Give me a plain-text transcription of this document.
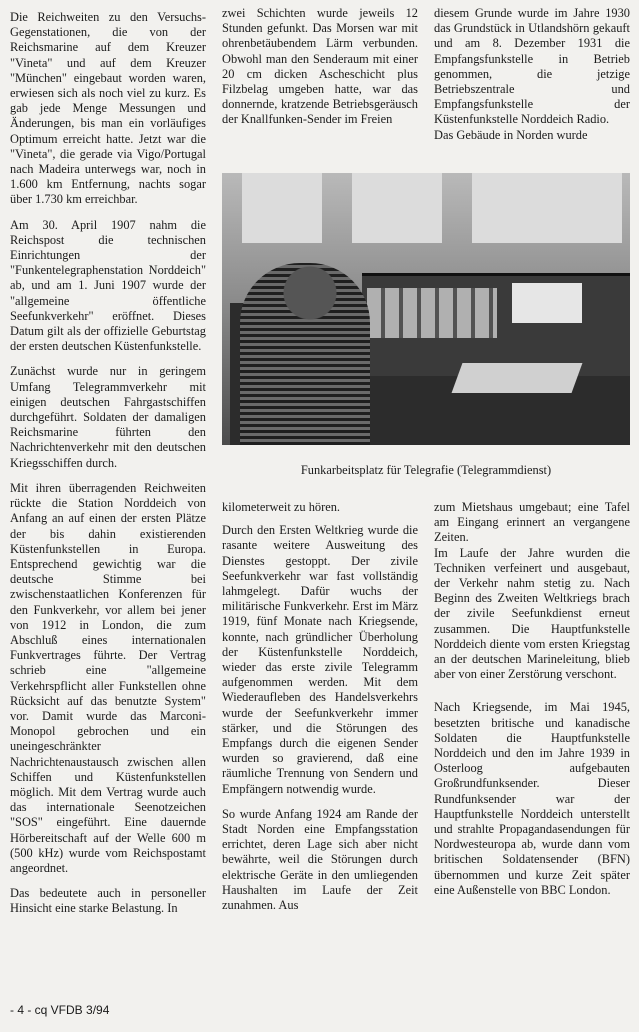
Die Reichweiten zu den Versuchs-Gegenstationen, die von der Reichsmarine auf dem Kreuzer "Vineta" und auf dem Kreuzer "München" eingebaut worden waren, erwiesen sich als noch viel zu kurz. Es gab jede Menge Messungen und Änderungen, bis man ein vorläufiges Optimum erreicht hatte. Jetzt war die "Vineta", die gerade via Vigo/Portugal nach Madeira unterwegs war, noch in 1.600 km Entfernung, nachts sogar über 1.730 km erreichbar.

Am 30. April 1907 nahm die Reichspost die technischen Einrichtungen der "Funkentelegraphenstation Norddeich" ab, und am 1. Juni 1907 wurde der "allgemeine öffentliche Seefunkverkehr" eröffnet. Dieses Datum gilt als der offizielle Geburtstag der ersten deutschen Küstenfunkstelle.

Zunächst wurde nur in geringem Umfang Telegrammverkehr mit einigen deutschen Fahrgastschiffen durchgeführt. Soldaten der damaligen Reichsmarine führten den Nachrichtenverkehr mit den deutschen Kriegsschiffen durch.

Mit ihren überragenden Reichweiten rückte die Station Norddeich von Anfang an auf einen der ersten Plätze der bis dahin existierenden Küstenfunkstellen in Europa. Entsprechend gewichtig war die deutsche Stimme bei zwischenstaatlichen Konferenzen für den Funkverkehr, vor allem bei jener von 1912 in London, die zum Abschluß eines internationalen Funkvertrages führte. Der Vertrag schrieb eine "allgemeine Verkehrspflicht aller Funkstellen ohne Rücksicht auf das benutzte System" vor. Damit wurde das Marconi-Monopol gebrochen und ein uneingeschränkter Nachrichtenaustausch zwischen allen Schiffen und Küstenfunkstellen möglich. Mit dem Vertrag wurde auch das internationale Seenotzeichen "SOS" eingeführt. Eine dauernde Hörbereitschaft auf der Welle 600 m (500 kHz) wurde vom Reichspostamt angeordnet.

Das bedeutete auch in personeller Hinsicht eine starke Belastung. In

zwei Schichten wurde jeweils 12 Stunden gefunkt. Das Morsen war mit ohrenbetäubendem Lärm verbunden. Obwohl man den Senderaum mit einer 20 cm dicken Ascheschicht plus Filzbelag umgeben hatte, war das donnernde, kratzende Betriebsgeräusch der Knallfunken-Sender im Freien

diesem Grunde wurde im Jahre 1930 das Grundstück in Utlandshörn gekauft und am 8. Dezember 1931 die Empfangsfunkstelle in Betrieb genommen, die jetzige Betriebszentrale und Empfangsfunkstelle der Küstenfunkstelle Norddeich Radio.

Das Gebäude in Norden wurde

Funkarbeitsplatz für Telegrafie (Telegrammdienst)

kilometerweit zu hören.

Durch den Ersten Weltkrieg wurde die rasante weitere Ausweitung des Dienstes gestoppt. Der zivile Seefunkverkehr war fast vollständig lahmgelegt. Dafür wuchs der militärische Funkverkehr. Erst im März 1919, fünf Monate nach Kriegsende, konnte, nach gründlicher Überholung der Küstenfunkstelle Norddeich, wieder das erste zivile Telegramm aufgenommen werden. Mit dem Wiederaufleben des Handelsverkehrs wurde der Seefunkverkehr immer stärker, und die Störungen des Empfangs durch die eigenen Sender wurden so gravierend, daß eine räumliche Trennung von Sendern und Empfängern notwendig wurde.

So wurde Anfang 1924 am Rande der Stadt Norden eine Empfangsstation errichtet, deren Lage sich aber nicht bewährte, weil die Störungen durch elektrische Geräte in den umliegenden Haushalten im Laufe der Zeit zunahmen. Aus

zum Mietshaus umgebaut; eine Tafel am Eingang erinnert an vergangene Zeiten.

Im Laufe der Jahre wurden die Techniken verfeinert und ausgebaut, der Verkehr nahm stetig zu. Nach Beginn des Zweiten Weltkriegs brach der zivile Seefunkdienst erneut zusammen. Die Hauptfunkstelle Norddeich diente vom ersten Kriegstag an der deutschen Marineleitung, blieb aber von einer Zerstörung verschont.

Nach Kriegsende, im Mai 1945, besetzten britische und kanadische Soldaten die Hauptfunkstelle Norddeich und den im Jahre 1939 in Osterloog aufgebauten Großrundfunksender. Dieser Rundfunksender war der Hauptfunkstelle Norddeich unterstellt und strahlte Propagandasendungen für Nordwesteuropa ab, wurde dann vom britischen Soldatensender (BFN) übernommen und kurze Zeit später eine Außenstelle von BBC London.

- 4 - cq VFDB 3/94
